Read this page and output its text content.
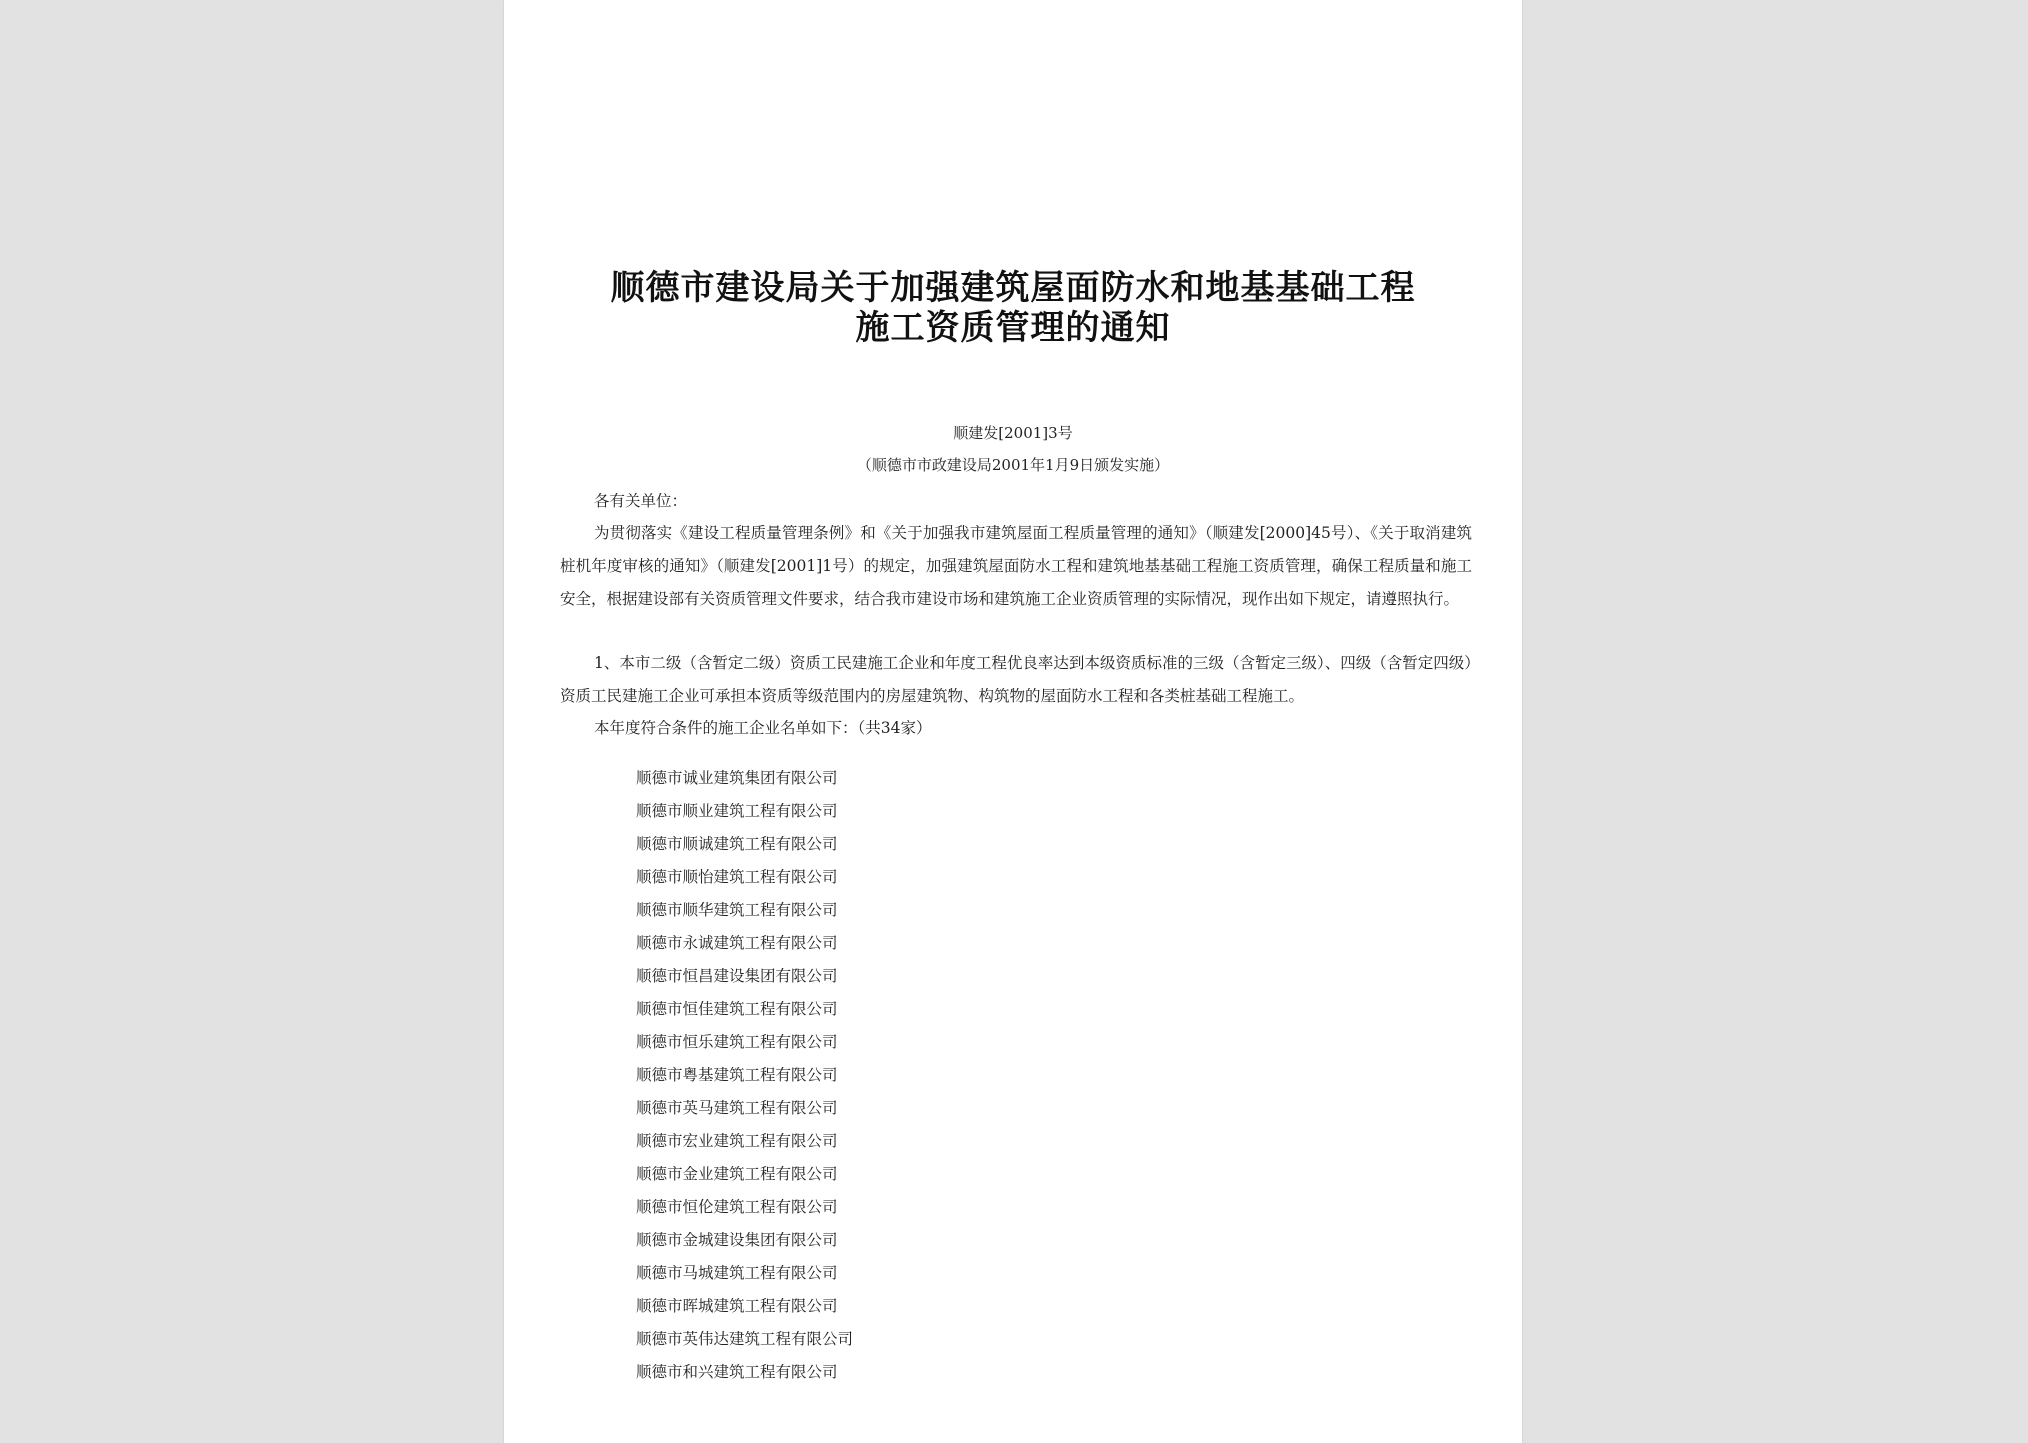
顺德市建设局关于加强建筑屋面防水和地基基础工程
施工资质管理的通知
顺建发[2001]3号
（顺德市市政建设局2001年1月9日颁发实施）
各有关单位：
为贯彻落实《建设工程质量管理条例》和《关于加强我市建筑屋面工程质量管理的通知》（顺建发[2000]45号）、《关于取消建筑桩机年度审核的通知》（顺建发[2001]1号）的规定，加强建筑屋面防水工程和建筑地基基础工程施工资质管理，确保工程质量和施工安全，根据建设部有关资质管理文件要求，结合我市建设市场和建筑施工企业资质管理的实际情况，现作出如下规定，请遵照执行。
1、本市二级（含暂定二级）资质工民建施工企业和年度工程优良率达到本级资质标准的三级（含暂定三级）、四级（含暂定四级）资质工民建施工企业可承担本资质等级范围内的房屋建筑物、构筑物的屋面防水工程和各类桩基础工程施工。
本年度符合条件的施工企业名单如下：（共34家）
顺德市诚业建筑集团有限公司
顺德市顺业建筑工程有限公司
顺德市顺诚建筑工程有限公司
顺德市顺怡建筑工程有限公司
顺德市顺华建筑工程有限公司
顺德市永诚建筑工程有限公司
顺德市恒昌建设集团有限公司
顺德市恒佳建筑工程有限公司
顺德市恒乐建筑工程有限公司
顺德市粤基建筑工程有限公司
顺德市英马建筑工程有限公司
顺德市宏业建筑工程有限公司
顺德市金业建筑工程有限公司
顺德市恒伦建筑工程有限公司
顺德市金城建设集团有限公司
顺德市马城建筑工程有限公司
顺德市晖城建筑工程有限公司
顺德市英伟达建筑工程有限公司
顺德市和兴建筑工程有限公司
